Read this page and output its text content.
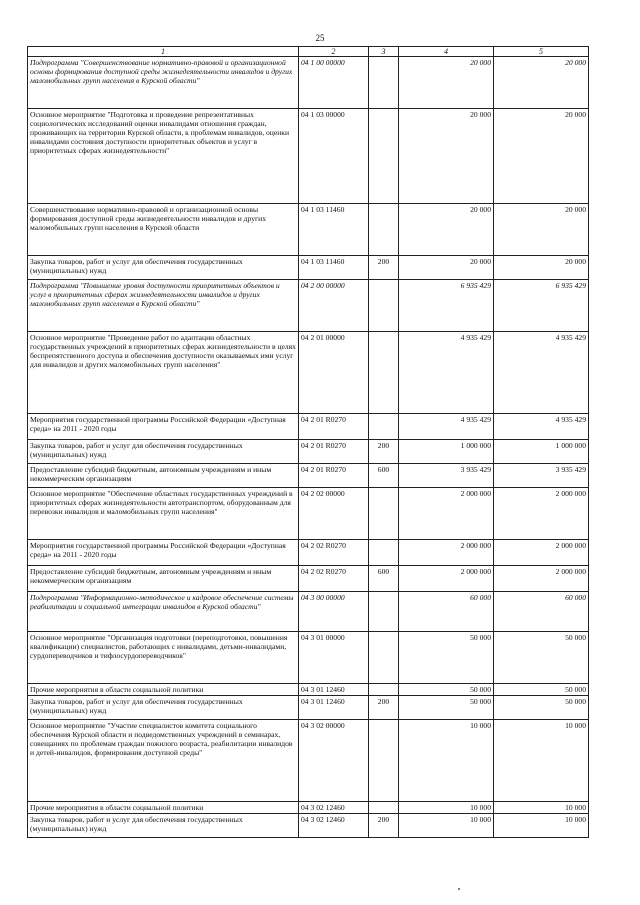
25
1	2	3	4	5
Подпрограмма "Совершенствование нормативно-правовой и организационной основы формирования доступной среды жизнедеятельности инвалидов и других маломобильных групп населения в Курской области"	04 1 00 00000		20 000	20 000
Основное мероприятие "Подготовка и проведение репрезентативных социологических исследований оценки инвалидами отношения граждан, проживающих на территории Курской области, к проблемам инвалидов, оценки инвалидами состояния доступности приоритетных объектов и услуг в приоритетных сферах жизнедеятельности"	04 1 03 00000		20 000	20 000
Совершенствование нормативно-правовой и организационной основы формирования доступной среды жизнедеятельности инвалидов и других маломобильных групп населения в Курской области	04 1 03 11460		20 000	20 000
Закупка товаров, работ и услуг для обеспечения государственных (муниципальных) нужд	04 1 03 11460	200	20 000	20 000
Подпрограмма "Повышение уровня доступности приоритетных объектов и услуг в приоритетных сферах жизнедеятельности инвалидов и других маломобильных групп населения в Курской области"	04 2 00 00000		6 935 429	6 935 429
Основное мероприятие "Проведение работ по адаптации областных государственных учреждений в приоритетных сферах жизнедеятельности в целях беспрепятственного доступа и обеспечения доступности оказываемых ими услуг для инвалидов и других маломобильных групп населения"	04 2 01 00000		4 935 429	4 935 429
Мероприятия государственной программы Российской Федерации «Доступная среда» на 2011 - 2020 годы	04 2 01 R0270		4 935 429	4 935 429
Закупка товаров, работ и услуг для обеспечения государственных (муниципальных) нужд	04 2 01 R0270	200	1 000 000	1 000 000
Предоставление субсидий бюджетным, автономным учреждениям и иным некоммерческим организациям	04 2 01 R0270	600	3 935 429	3 935 429
Основное мероприятие "Обеспечение областных государственных учреждений в приоритетных сферах жизнедеятельности автотранспортом, оборудованным для перевозки инвалидов и маломобильных групп населения"	04 2 02 00000		2 000 000	2 000 000
Мероприятия государственной программы Российской Федерации «Доступная среда» на 2011 - 2020 годы	04 2 02 R0270		2 000 000	2 000 000
Предоставление субсидий бюджетным, автономным учреждениям и иным некоммерческим организациям	04 2 02 R0270	600	2 000 000	2 000 000
Подпрограмма "Информационно-методическое и кадровое обеспечение системы реабилитации и социальной интеграции инвалидов в Курской области"	04 3 00 00000		60 000	60 000
Основное мероприятие "Организация подготовки (переподготовки, повышения квалификации) специалистов, работающих с инвалидами, детьми-инвалидами, сурдопереводчиков и тифлосурдопереводчиков"	04 3 01 00000		50 000	50 000
Прочие мероприятия в области социальной политики	04 3 01 12460		50 000	50 000
Закупка товаров, работ и услуг для обеспечения государственных (муниципальных) нужд	04 3 01 12460	200	50 000	50 000
Основное мероприятие "Участие специалистов комитета социального обеспечения Курской области и подведомственных учреждений в семинарах, совещаниях по проблемам граждан пожилого возраста, реабилитации инвалидов и детей-инвалидов, формирования доступной среды"	04 3 02 00000		10 000	10 000
Прочие мероприятия в области социальной политики	04 3 02 12460		10 000	10 000
Закупка товаров, работ и услуг для обеспечения государственных (муниципальных) нужд	04 3 02 12460	200	10 000	10 000
